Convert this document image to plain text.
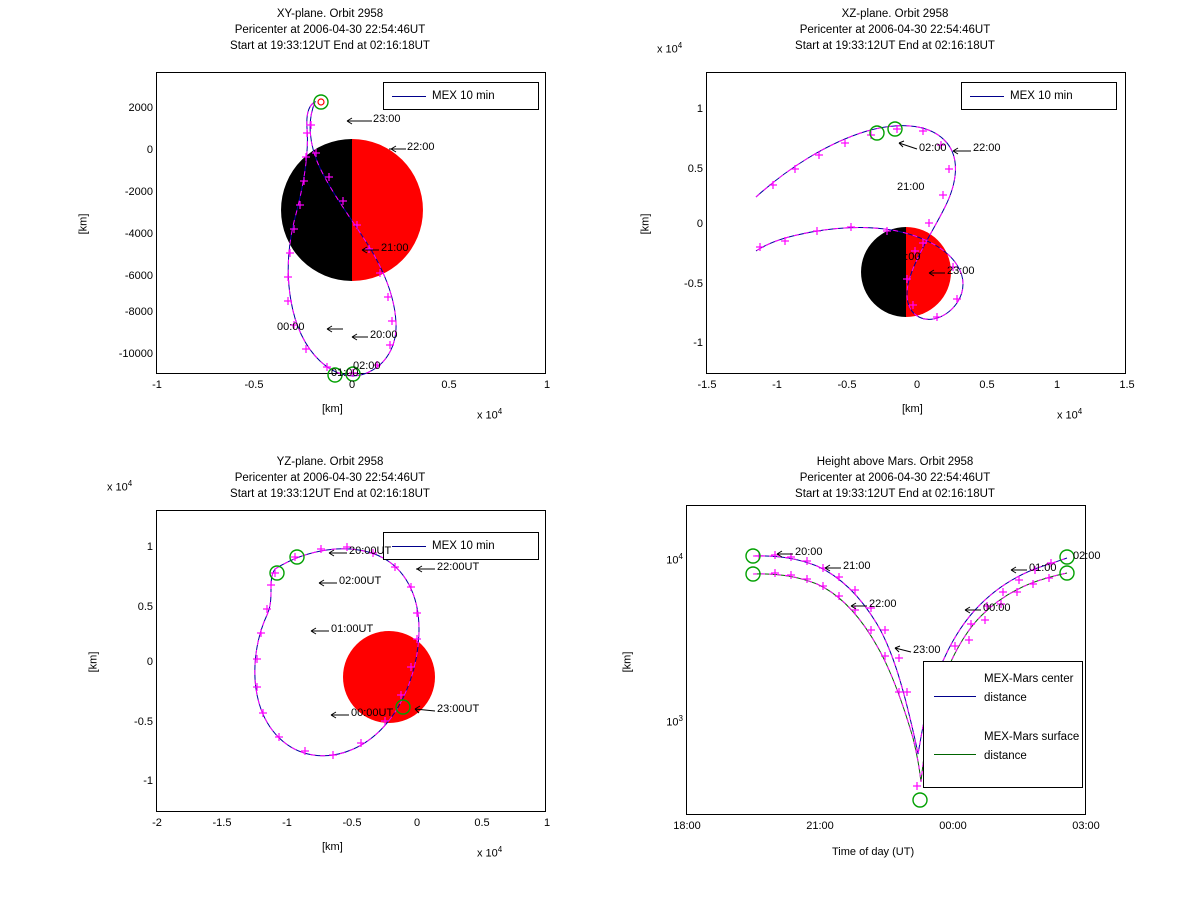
XY-plane. Orbit 2958
Pericenter at 2006-04-30 22:54:46UT
Start at 19:33:12UT End at 02:16:18UT
2000
0
-2000
-4000
-6000
-8000
-10000
-1	-0.5	0	0.5	1
[km]
[km]
x $10^4$
MEX 10 min
23:00
22:00
21:00
00:00
20:00
01:00
02:00
XZ-plane. Orbit 2958
Pericenter at 2006-04-30 22:54:46UT
Start at 19:33:12UT End at 02:16:18UT
1
0.5
0
-0.5
-1
-1.5	-1	-0.5	0	0.5	1	1.5
[km]
[km]
x $10^4$
x $10^4$
MEX 10 min
02:00 22:00
21:00
00:00
23:00
YZ-plane. Orbit 2958
Pericenter at 2006-04-30 22:54:46UT
Start at 19:33:12UT End at 02:16:18UT
1
0.5
0
-0.5
-1
-2	-1.5	-1	-0.5	0	0.5	1
[km]
[km]
x $10^4$
x $10^4$
MEX 10 min
20:00UT
02:00UT
22:00UT
01:00UT
00:00UT	23:00UT
Height above Mars. Orbit 2958
Pericenter at 2006-04-30 22:54:46UT
Start at 19:33:12UT End at 02:16:18UT
$10^4$
$10^3$
18:00	21:00	00:00	03:00
Time of day (UT)
[km]
MEX-Mars center distance
MEX-Mars surface distance
20:00
21:00
22:00
23:00
00:00
01:00
02:00
